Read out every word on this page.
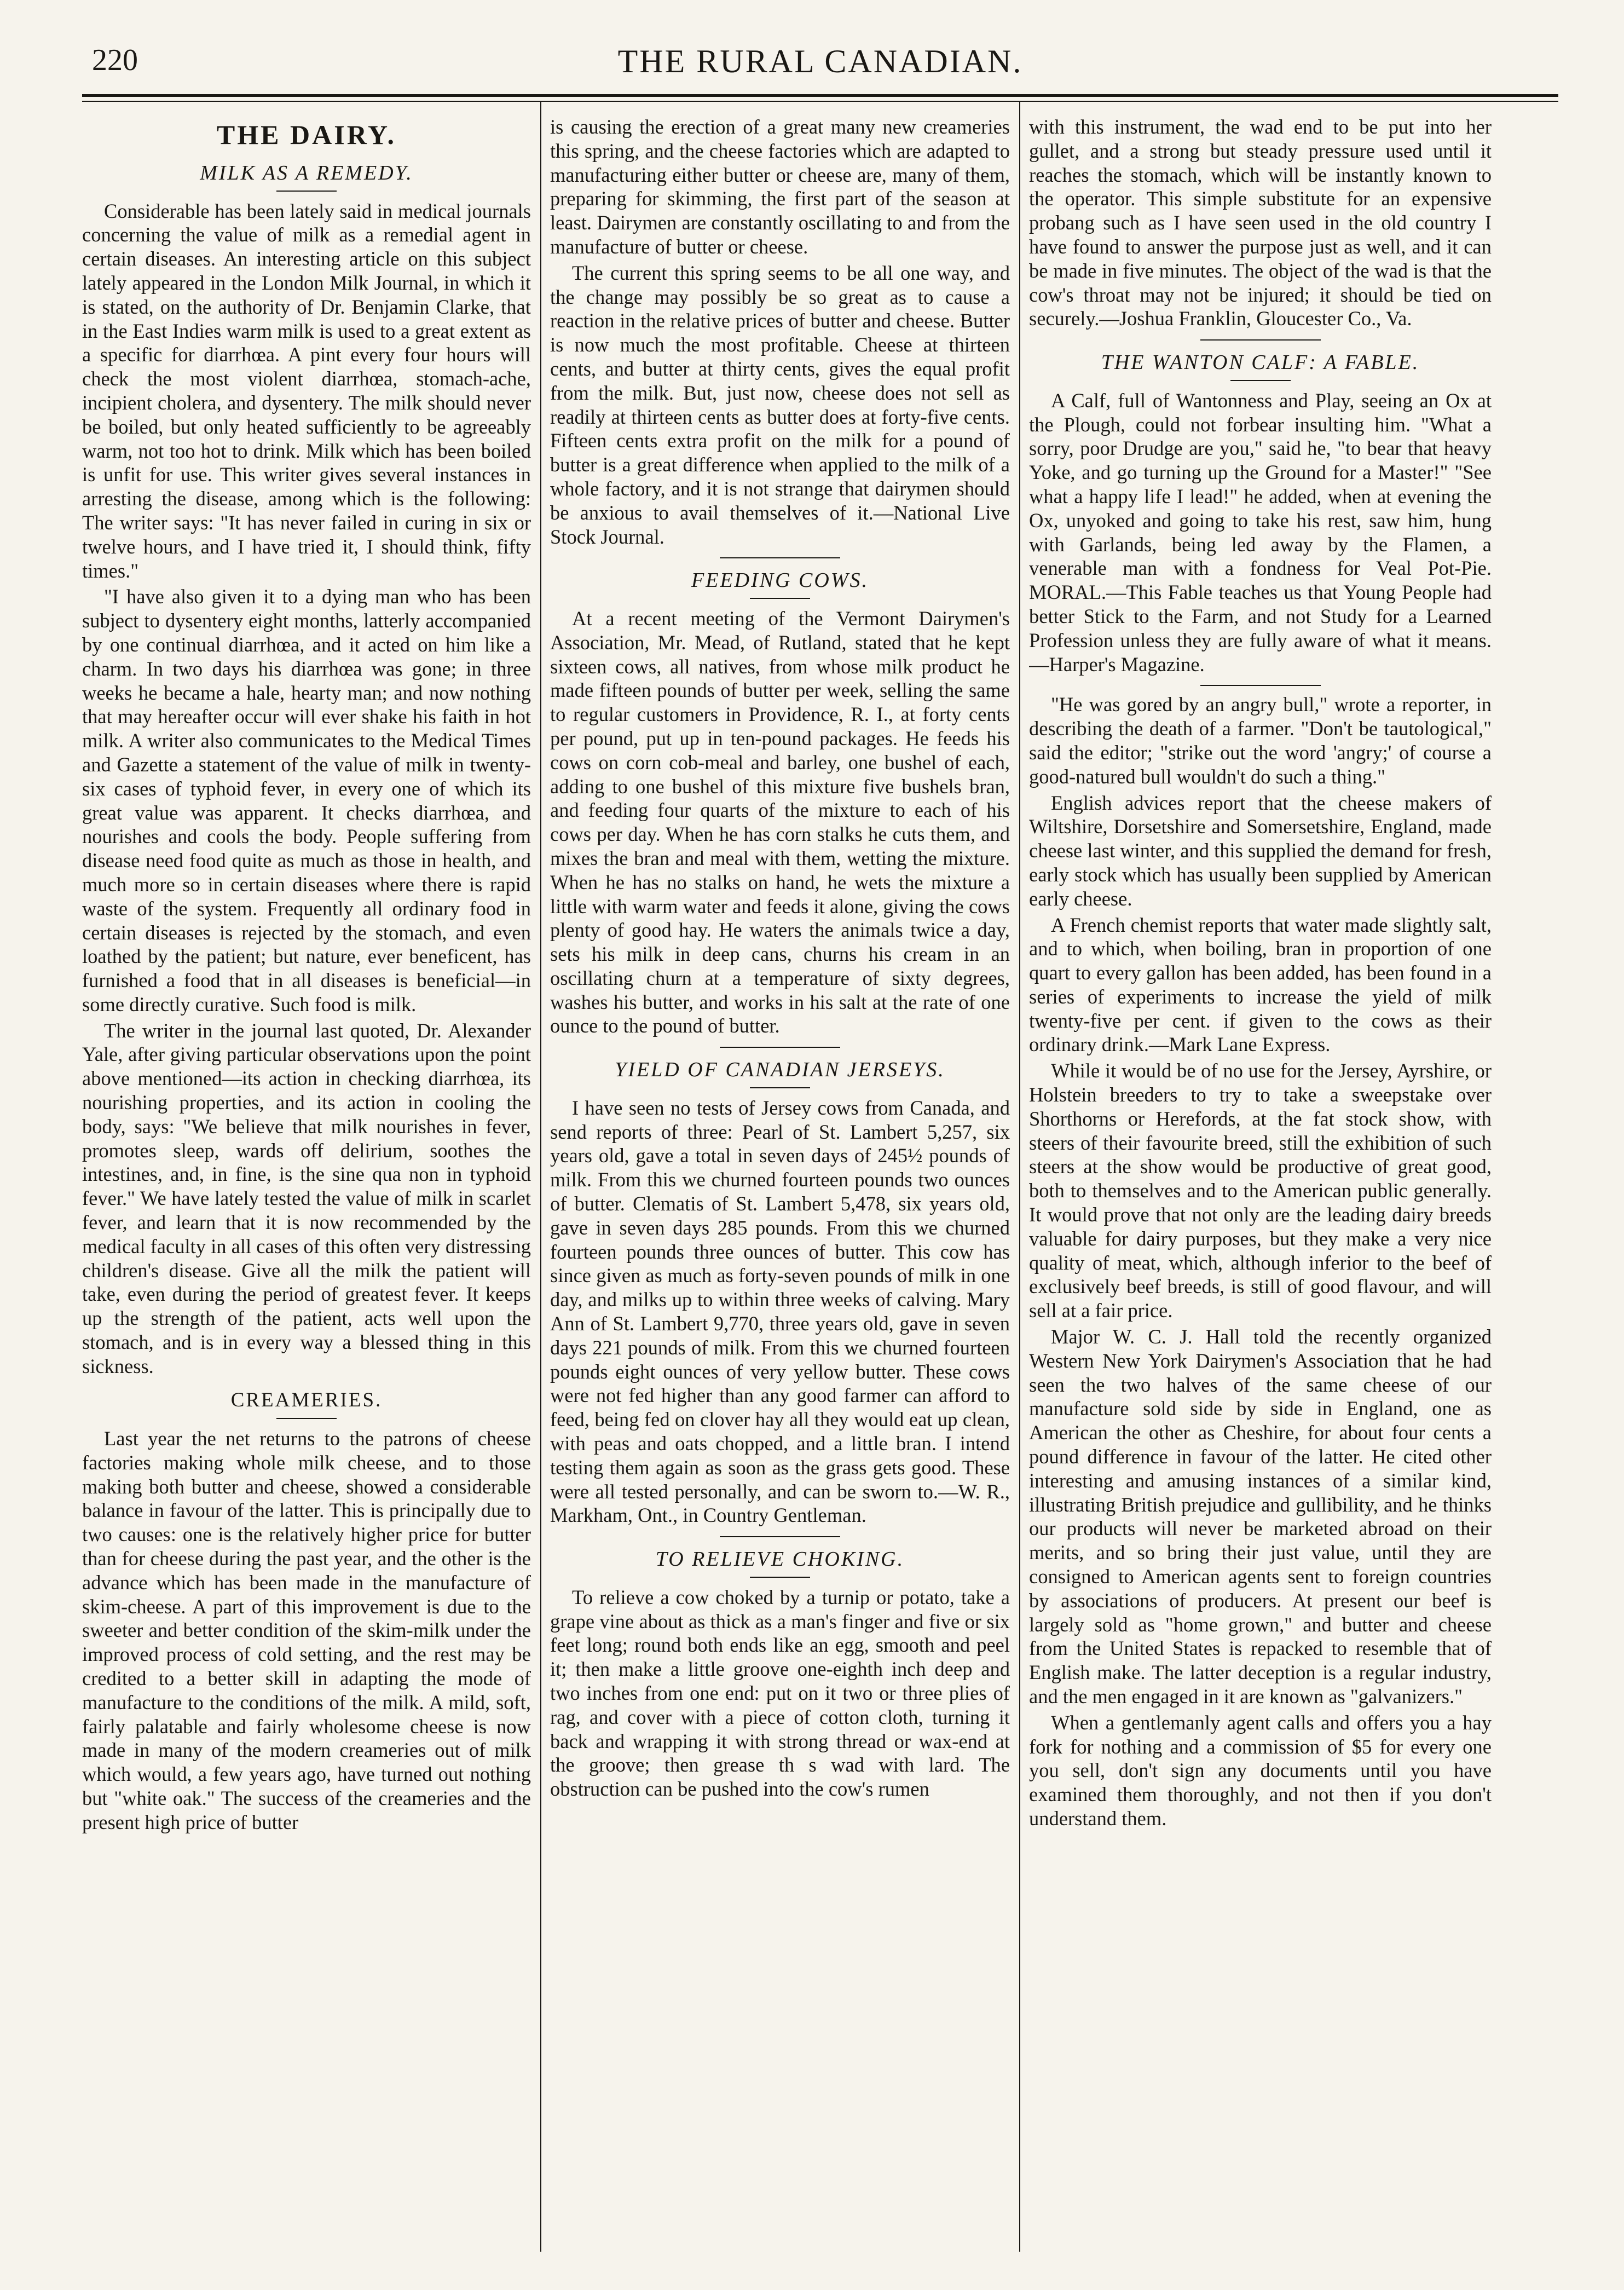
220	THE RURAL CANADIAN.
THE DAIRY.
MILK AS A REMEDY.

Considerable has been lately said in medical journals concerning the value of milk as a remedial agent in certain diseases. An interesting article on this subject lately appeared in the London Milk Journal, in which it is stated, on the authority of Dr. Benjamin Clarke, that in the East Indies warm milk is used to a great extent as a specific for diarrhœa. A pint every four hours will check the most violent diarrhœa, stomach-ache, incipient cholera, and dysentery. The milk should never be boiled, but only heated sufficiently to be agreeably warm, not too hot to drink. Milk which has been boiled is unfit for use. This writer gives several instances in arresting the disease, among which is the following: The writer says: "It has never failed in curing in six or twelve hours, and I have tried it, I should think, fifty times."

"I have also given it to a dying man who has been subject to dysentery eight months, latterly accompanied by one continual diarrhœa, and it acted on him like a charm. In two days his diarrhœa was gone; in three weeks he became a hale, hearty man; and now nothing that may hereafter occur will ever shake his faith in hot milk. A writer also communicates to the Medical Times and Gazette a statement of the value of milk in twenty-six cases of typhoid fever, in every one of which its great value was apparent. It checks diarrhœa, and nourishes and cools the body. People suffering from disease need food quite as much as those in health, and much more so in certain diseases where there is rapid waste of the system. Frequently all ordinary food in certain diseases is rejected by the stomach, and even loathed by the patient; but nature, ever beneficent, has furnished a food that in all diseases is beneficial—in some directly curative. Such food is milk.

The writer in the journal last quoted, Dr. Alexander Yale, after giving particular observations upon the point above mentioned—its action in checking diarrhœa, its nourishing properties, and its action in cooling the body, says: "We believe that milk nourishes in fever, promotes sleep, wards off delirium, soothes the intestines, and, in fine, is the sine qua non in typhoid fever." We have lately tested the value of milk in scarlet fever, and learn that it is now recommended by the medical faculty in all cases of this often very distressing children's disease. Give all the milk the patient will take, even during the period of greatest fever. It keeps up the strength of the patient, acts well upon the stomach, and is in every way a blessed thing in this sickness.

CREAMERIES.

Last year the net returns to the patrons of cheese factories making whole milk cheese, and to those making both butter and cheese, showed a considerable balance in favour of the latter. This is principally due to two causes: one is the relatively higher price for butter than for cheese during the past year, and the other is the advance which has been made in the manufacture of skim-cheese. A part of this improvement is due to the sweeter and better condition of the skim-milk under the improved process of cold setting, and the rest may be credited to a better skill in adapting the mode of manufacture to the conditions of the milk. A mild, soft, fairly palatable and fairly wholesome cheese is now made in many of the modern creameries out of milk which would, a few years ago, have turned out nothing but "white oak." The success of the creameries and the present high price of butter

is causing the erection of a great many new creameries this spring, and the cheese factories which are adapted to manufacturing either butter or cheese are, many of them, preparing for skimming, the first part of the season at least. Dairymen are constantly oscillating to and from the manufacture of butter or cheese.

The current this spring seems to be all one way, and the change may possibly be so great as to cause a reaction in the relative prices of butter and cheese. Butter is now much the most profitable. Cheese at thirteen cents, and butter at thirty cents, gives the equal profit from the milk. But, just now, cheese does not sell as readily at thirteen cents as butter does at forty-five cents. Fifteen cents extra profit on the milk for a pound of butter is a great difference when applied to the milk of a whole factory, and it is not strange that dairymen should be anxious to avail themselves of it.—National Live Stock Journal.

FEEDING COWS.

At a recent meeting of the Vermont Dairymen's Association, Mr. Mead, of Rutland, stated that he kept sixteen cows, all natives, from whose milk product he made fifteen pounds of butter per week, selling the same to regular customers in Providence, R. I., at forty cents per pound, put up in ten-pound packages. He feeds his cows on corn cob-meal and barley, one bushel of each, adding to one bushel of this mixture five bushels bran, and feeding four quarts of the mixture to each of his cows per day. When he has corn stalks he cuts them, and mixes the bran and meal with them, wetting the mixture. When he has no stalks on hand, he wets the mixture a little with warm water and feeds it alone, giving the cows plenty of good hay. He waters the animals twice a day, sets his milk in deep cans, churns his cream in an oscillating churn at a temperature of sixty degrees, washes his butter, and works in his salt at the rate of one ounce to the pound of butter.

YIELD OF CANADIAN JERSEYS.

I have seen no tests of Jersey cows from Canada, and send reports of three: Pearl of St. Lambert 5,257, six years old, gave a total in seven days of 245½ pounds of milk. From this we churned fourteen pounds two ounces of butter. Clematis of St. Lambert 5,478, six years old, gave in seven days 285 pounds. From this we churned fourteen pounds three ounces of butter. This cow has since given as much as forty-seven pounds of milk in one day, and milks up to within three weeks of calving. Mary Ann of St. Lambert 9,770, three years old, gave in seven days 221 pounds of milk. From this we churned fourteen pounds eight ounces of very yellow butter. These cows were not fed higher than any good farmer can afford to feed, being fed on clover hay all they would eat up clean, with peas and oats chopped, and a little bran. I intend testing them again as soon as the grass gets good. These were all tested personally, and can be sworn to.—W. R., Markham, Ont., in Country Gentleman.

TO RELIEVE CHOKING.

To relieve a cow choked by a turnip or potato, take a grape vine about as thick as a man's finger and five or six feet long; round both ends like an egg, smooth and peel it; then make a little groove one-eighth inch deep and two inches from one end: put on it two or three plies of rag, and cover with a piece of cotton cloth, turning it back and wrapping it with strong thread or wax-end at the groove; then grease th s wad with lard. The obstruction can be pushed into the cow's rumen

with this instrument, the wad end to be put into her gullet, and a strong but steady pressure used until it reaches the stomach, which will be instantly known to the operator. This simple substitute for an expensive probang such as I have seen used in the old country I have found to answer the purpose just as well, and it can be made in five minutes. The object of the wad is that the cow's throat may not be injured; it should be tied on securely.—Joshua Franklin, Gloucester Co., Va.

THE WANTON CALF: A FABLE.

A Calf, full of Wantonness and Play, seeing an Ox at the Plough, could not forbear insulting him. "What a sorry, poor Drudge are you," said he, "to bear that heavy Yoke, and go turning up the Ground for a Master!" "See what a happy life I lead!" he added, when at evening the Ox, unyoked and going to take his rest, saw him, hung with Garlands, being led away by the Flamen, a venerable man with a fondness for Veal Pot-Pie. MORAL.—This Fable teaches us that Young People had better Stick to the Farm, and not Study for a Learned Profession unless they are fully aware of what it means.—Harper's Magazine.

"He was gored by an angry bull," wrote a reporter, in describing the death of a farmer. "Don't be tautological," said the editor; "strike out the word 'angry;' of course a good-natured bull wouldn't do such a thing."

English advices report that the cheese makers of Wiltshire, Dorsetshire and Somersetshire, England, made cheese last winter, and this supplied the demand for fresh, early stock which has usually been supplied by American early cheese.

A French chemist reports that water made slightly salt, and to which, when boiling, bran in proportion of one quart to every gallon has been added, has been found in a series of experiments to increase the yield of milk twenty-five per cent. if given to the cows as their ordinary drink.—Mark Lane Express.

While it would be of no use for the Jersey, Ayrshire, or Holstein breeders to try to take a sweepstake over Shorthorns or Herefords, at the fat stock show, with steers of their favourite breed, still the exhibition of such steers at the show would be productive of great good, both to themselves and to the American public generally. It would prove that not only are the leading dairy breeds valuable for dairy purposes, but they make a very nice quality of meat, which, although inferior to the beef of exclusively beef breeds, is still of good flavour, and will sell at a fair price.

Major W. C. J. Hall told the recently organized Western New York Dairymen's Association that he had seen the two halves of the same cheese of our manufacture sold side by side in England, one as American the other as Cheshire, for about four cents a pound difference in favour of the latter. He cited other interesting and amusing instances of a similar kind, illustrating British prejudice and gullibility, and he thinks our products will never be marketed abroad on their merits, and so bring their just value, until they are consigned to American agents sent to foreign countries by associations of producers. At present our beef is largely sold as "home grown," and butter and cheese from the United States is repacked to resemble that of English make. The latter deception is a regular industry, and the men engaged in it are known as "galvanizers."

When a gentlemanly agent calls and offers you a hay fork for nothing and a commission of $5 for every one you sell, don't sign any documents until you have examined them thoroughly, and not then if you don't understand them.
